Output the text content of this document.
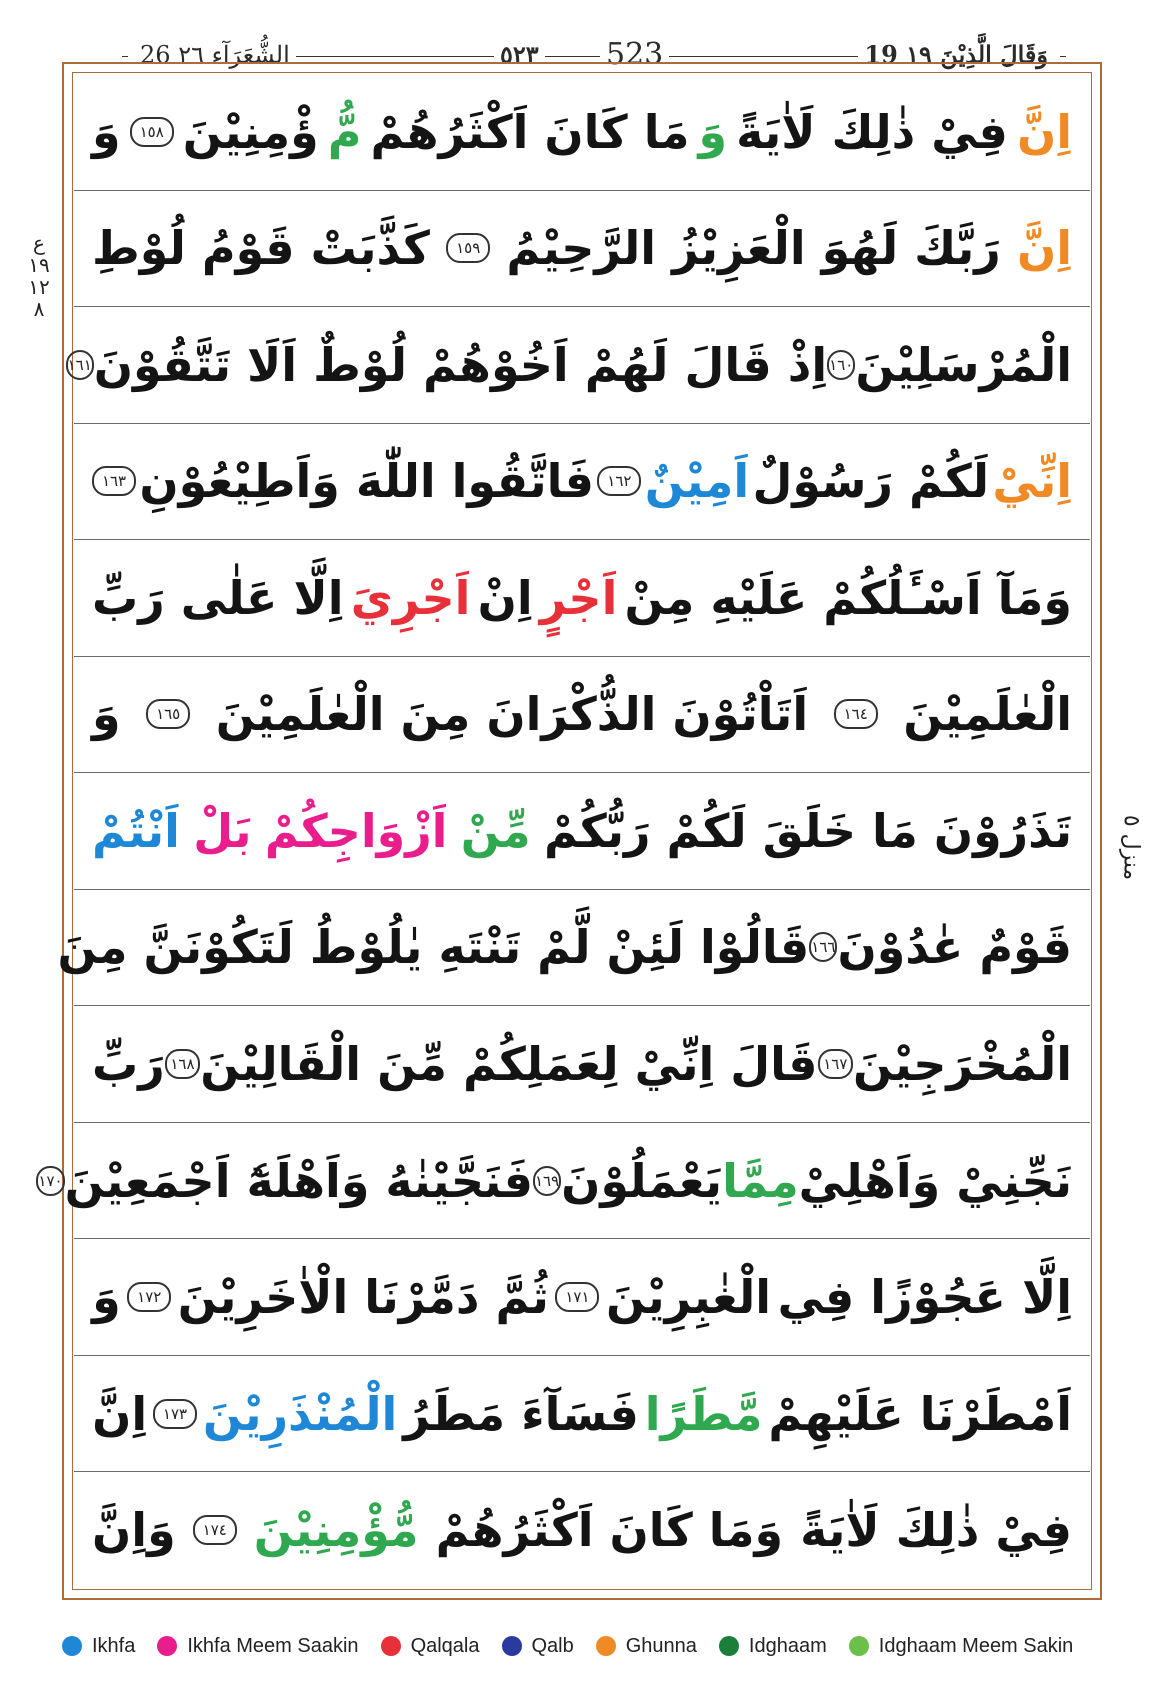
الشُّعَرَآء ٢٦ 26	٥٢٣ 523	وَقَالَ الَّذِيْنَ ١٩ 19
ع ١٩ ١٢ ٨
منزل ٥
اِنَّ
فِيْ ذٰلِكَ لَاٰيَةً
وَ
مَا كَانَ اَكْثَرُهُمْ
مُّ
ؤْمِنِيْنَ
١٥٨
وَ
اِنَّ
رَبَّكَ لَهُوَ الْعَزِيْزُ الرَّحِيْمُ
١٥٩
كَذَّبَتْ قَوْمُ لُوْطِ
الْمُرْسَلِيْنَ
١٦٠
اِذْ قَالَ لَهُمْ اَخُوْهُمْ لُوْطٌ اَلَا تَتَّقُوْنَ
١٦١
اِنِّيْ
لَكُمْ رَسُوْلٌ
اَمِيْنٌ
١٦٢
فَاتَّقُوا اللّٰهَ وَاَطِيْعُوْنِ
١٦٣
وَمَآ اَسْـَٔلُكُمْ عَلَيْهِ مِنْ
اَجْرٍ
اِنْ
اَجْرِيَ
اِلَّا عَلٰى رَبِّ
الْعٰلَمِيْنَ
١٦٤
اَتَاْتُوْنَ الذُّكْرَانَ مِنَ الْعٰلَمِيْنَ
١٦٥
وَ
تَذَرُوْنَ مَا خَلَقَ لَكُمْ رَبُّكُمْ
مِّنْ
اَزْوَاجِكُمْ
بَلْ
اَنْتُمْ
قَوْمٌ عٰدُوْنَ
١٦٦
قَالُوْا لَئِنْ لَّمْ تَنْتَهِ يٰلُوْطُ لَتَكُوْنَنَّ مِنَ
الْمُخْرَجِيْنَ
١٦٧
قَالَ اِنِّيْ لِعَمَلِكُمْ مِّنَ الْقَالِيْنَ
١٦٨
رَبِّ
نَجِّنِيْ وَاَهْلِيْ
مِمَّا
يَعْمَلُوْنَ
١٦٩
فَنَجَّيْنٰهُ وَاَهْلَهٗٓ اَجْمَعِيْنَ
١٧٠
اِلَّا عَجُوْزًا فِي
الْغٰبِرِيْنَ
١٧١
ثُمَّ دَمَّرْنَا الْاٰخَرِيْنَ
١٧٢
وَ
اَمْطَرْنَا عَلَيْهِمْ
مَّطَرًا
فَسَآءَ مَطَرُ
الْمُنْذَرِيْنَ
١٧٣
اِنَّ
فِيْ ذٰلِكَ لَاٰيَةً
وَمَا كَانَ اَكْثَرُهُمْ
مُّؤْمِنِيْنَ
١٧٤
وَاِنَّ
Ikhfa	Ikhfa Meem Saakin	Qalqala	Qalb	Ghunna	Idghaam	Idghaam Meem Sakin
